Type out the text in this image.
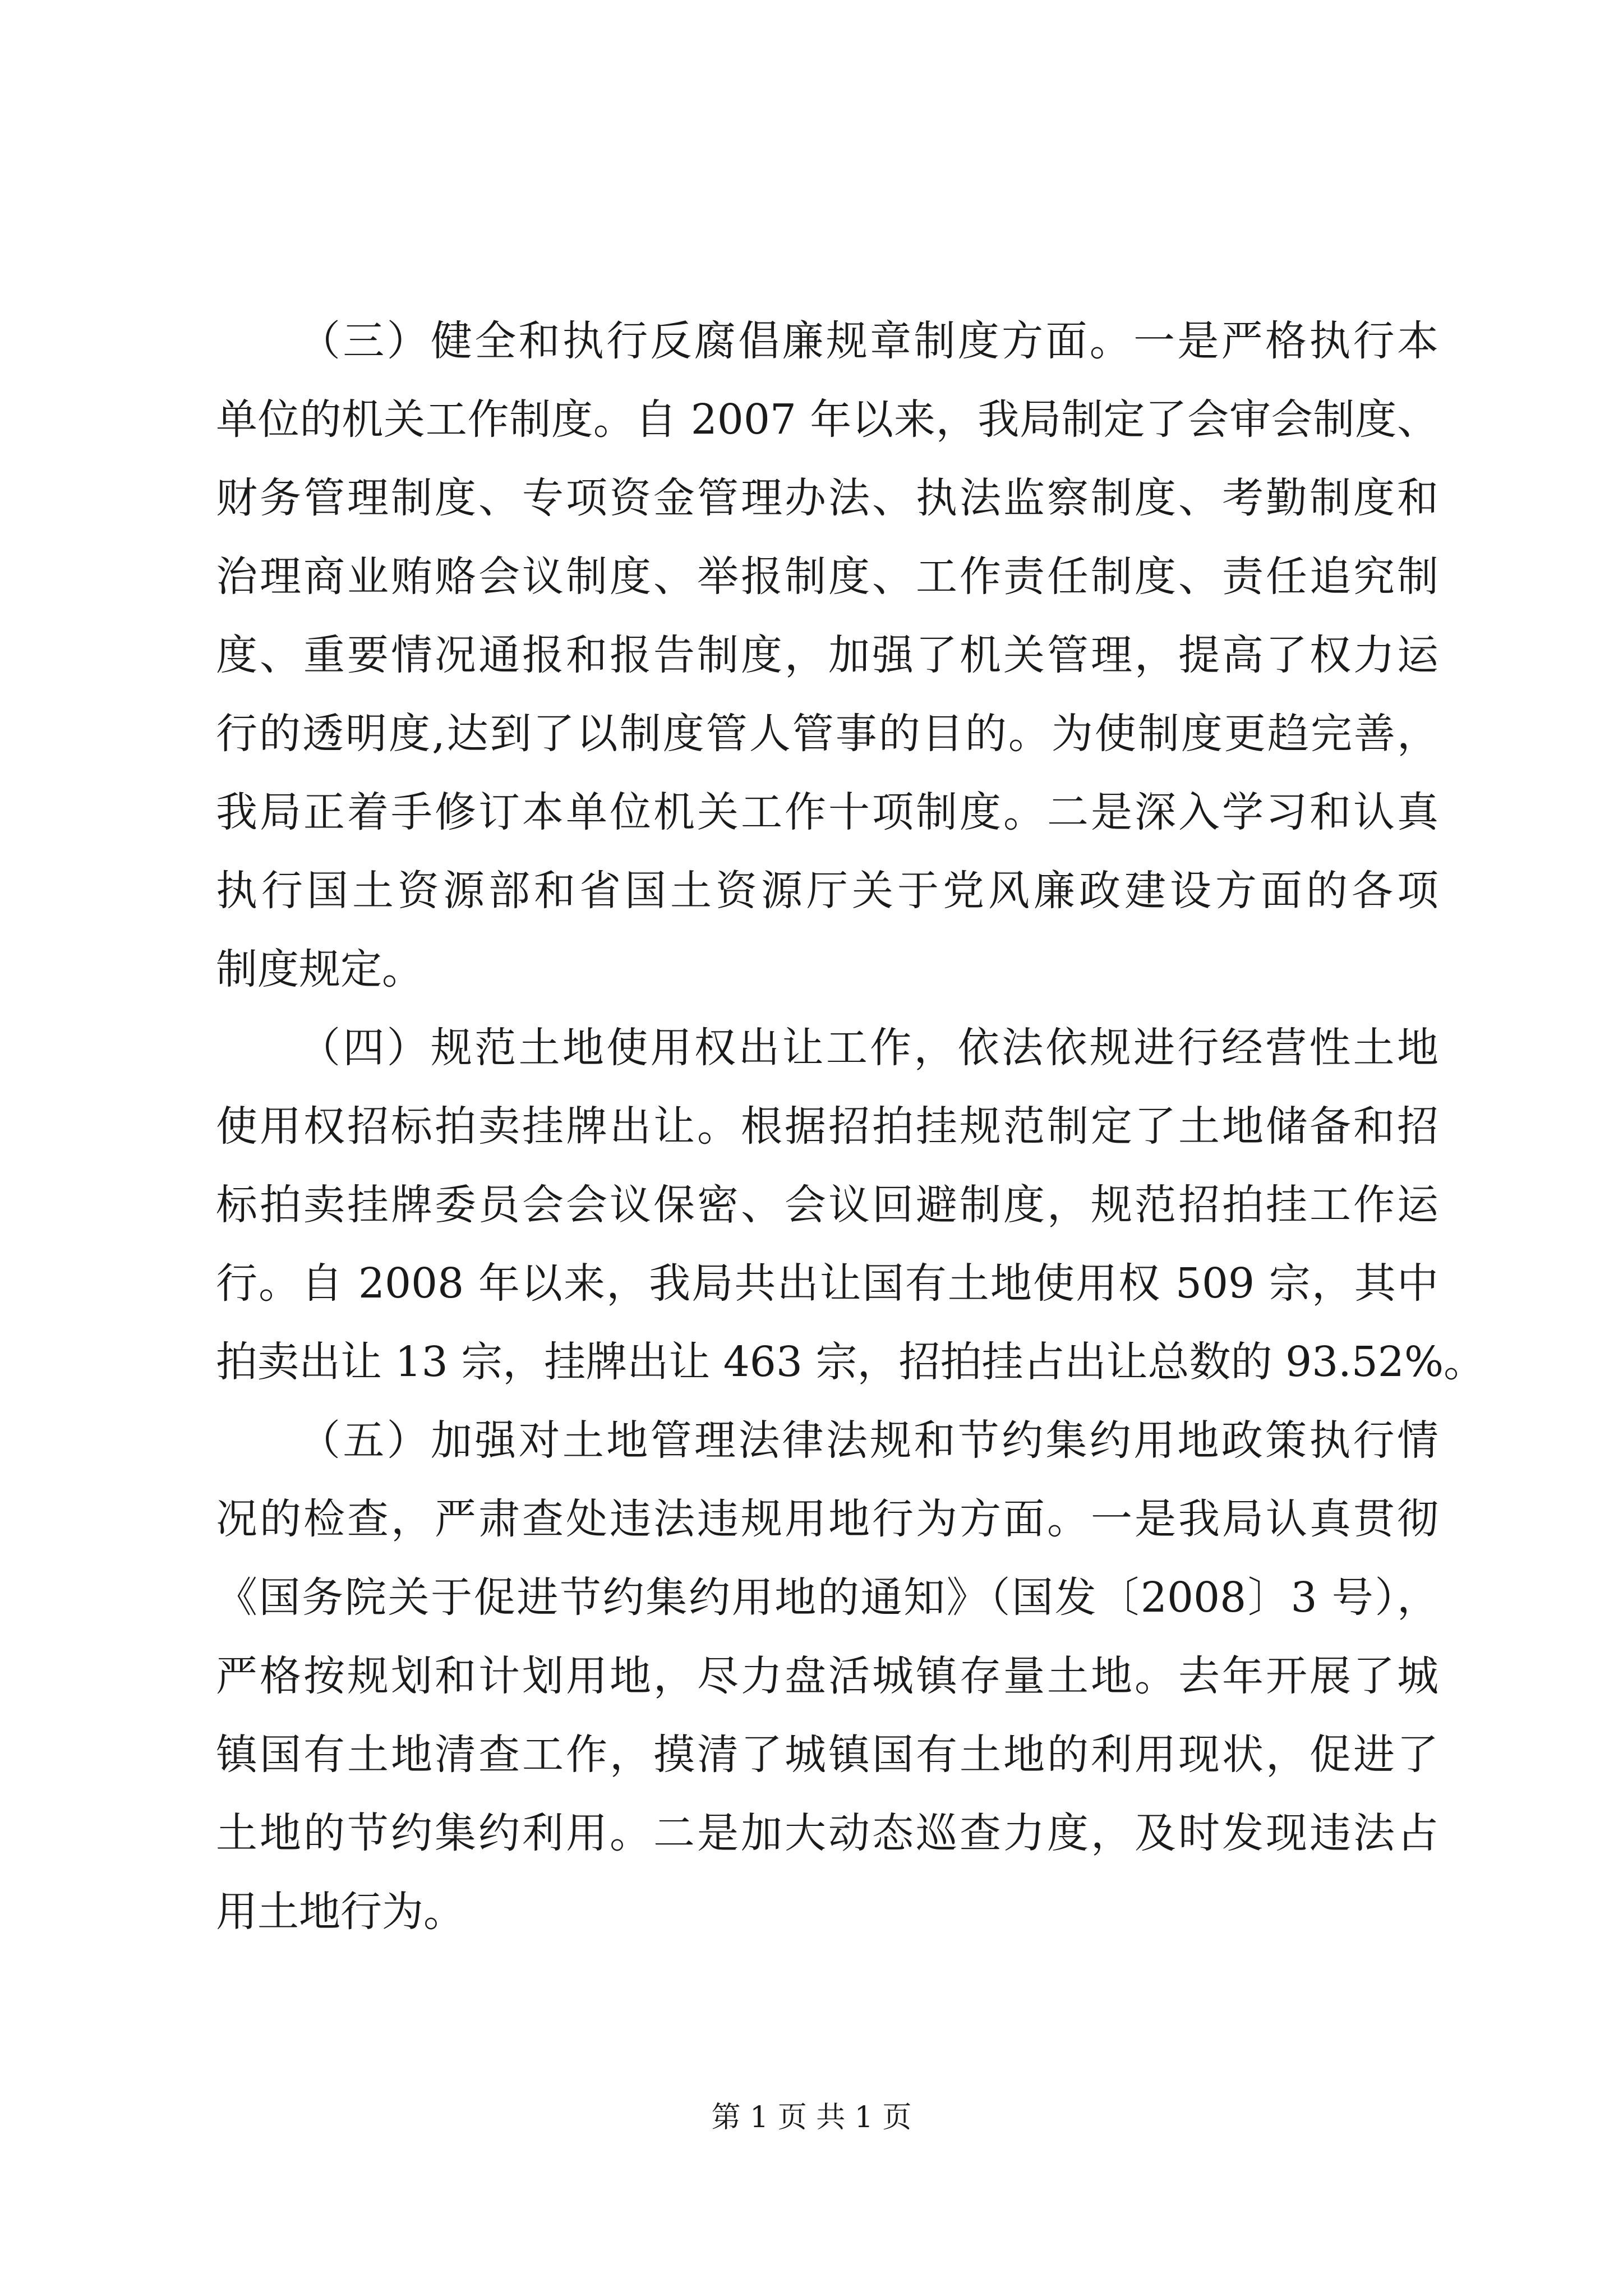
（三）健全和执行反腐倡廉规章制度方面。一是严格执行本
单位的机关工作制度。自 2007 年以来，我局制定了会审会制度、
财务管理制度、专项资金管理办法、执法监察制度、考勤制度和
治理商业贿赂会议制度、举报制度、工作责任制度、责任追究制
度、重要情况通报和报告制度，加强了机关管理，提高了权力运
行的透明度,达到了以制度管人管事的目的。为使制度更趋完善，
我局正着手修订本单位机关工作十项制度。二是深入学习和认真
执行国土资源部和省国土资源厅关于党风廉政建设方面的各项
制度规定。
（四）规范土地使用权出让工作，依法依规进行经营性土地
使用权招标拍卖挂牌出让。根据招拍挂规范制定了土地储备和招
标拍卖挂牌委员会会议保密、会议回避制度，规范招拍挂工作运
行。自 2008 年以来，我局共出让国有土地使用权 509 宗，其中
拍卖出让 13 宗，挂牌出让 463 宗，招拍挂占出让总数的 93.52%。
（五）加强对土地管理法律法规和节约集约用地政策执行情
况的检查，严肃查处违法违规用地行为方面。一是我局认真贯彻
《国务院关于促进节约集约用地的通知》（国发〔2008〕3 号），
严格按规划和计划用地，尽力盘活城镇存量土地。去年开展了城
镇国有土地清查工作，摸清了城镇国有土地的利用现状，促进了
土地的节约集约利用。二是加大动态巡查力度，及时发现违法占
用土地行为。
第 1 页 共 1 页
